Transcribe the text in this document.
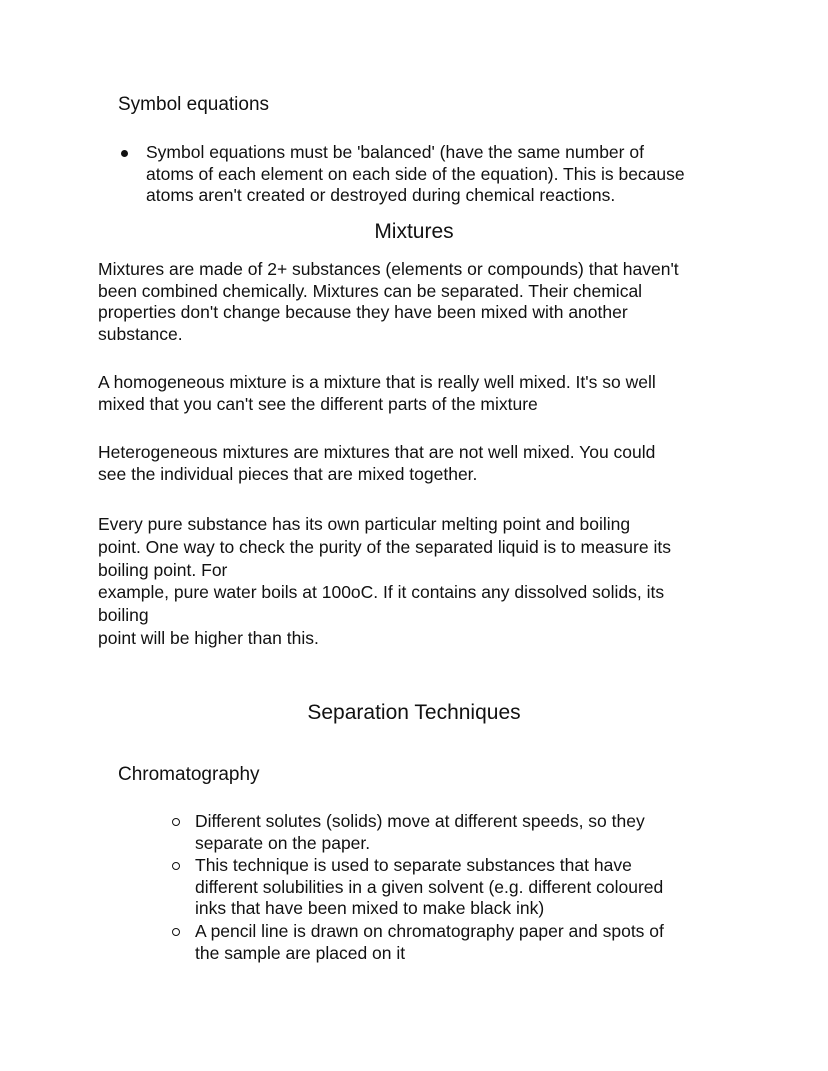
Symbol equations
Symbol equations must be 'balanced' (have the same number of
atoms of each element on each side of the equation). This is because
atoms aren't created or destroyed during chemical reactions.
Mixtures
Mixtures are made of 2+ substances (elements or compounds) that haven't
been combined chemically. Mixtures can be separated. Their chemical
properties don't change because they have been mixed with another
substance.
A homogeneous mixture is a mixture that is really well mixed. It's so well
mixed that you can't see the different parts of the mixture
Heterogeneous mixtures are mixtures that are not well mixed. You could
see the individual pieces that are mixed together.
Every pure substance has its own particular melting point and boiling
point. One way to check the purity of the separated liquid is to measure its
boiling point. For
example, pure water boils at 100oC. If it contains any dissolved solids, its
boiling
point will be higher than this.
Separation Techniques
Chromatography
Different solutes (solids) move at different speeds, so they
separate on the paper.
This technique is used to separate substances that have
different solubilities in a given solvent (e.g. different coloured
inks that have been mixed to make black ink)
A pencil line is drawn on chromatography paper and spots of
the sample are placed on it
